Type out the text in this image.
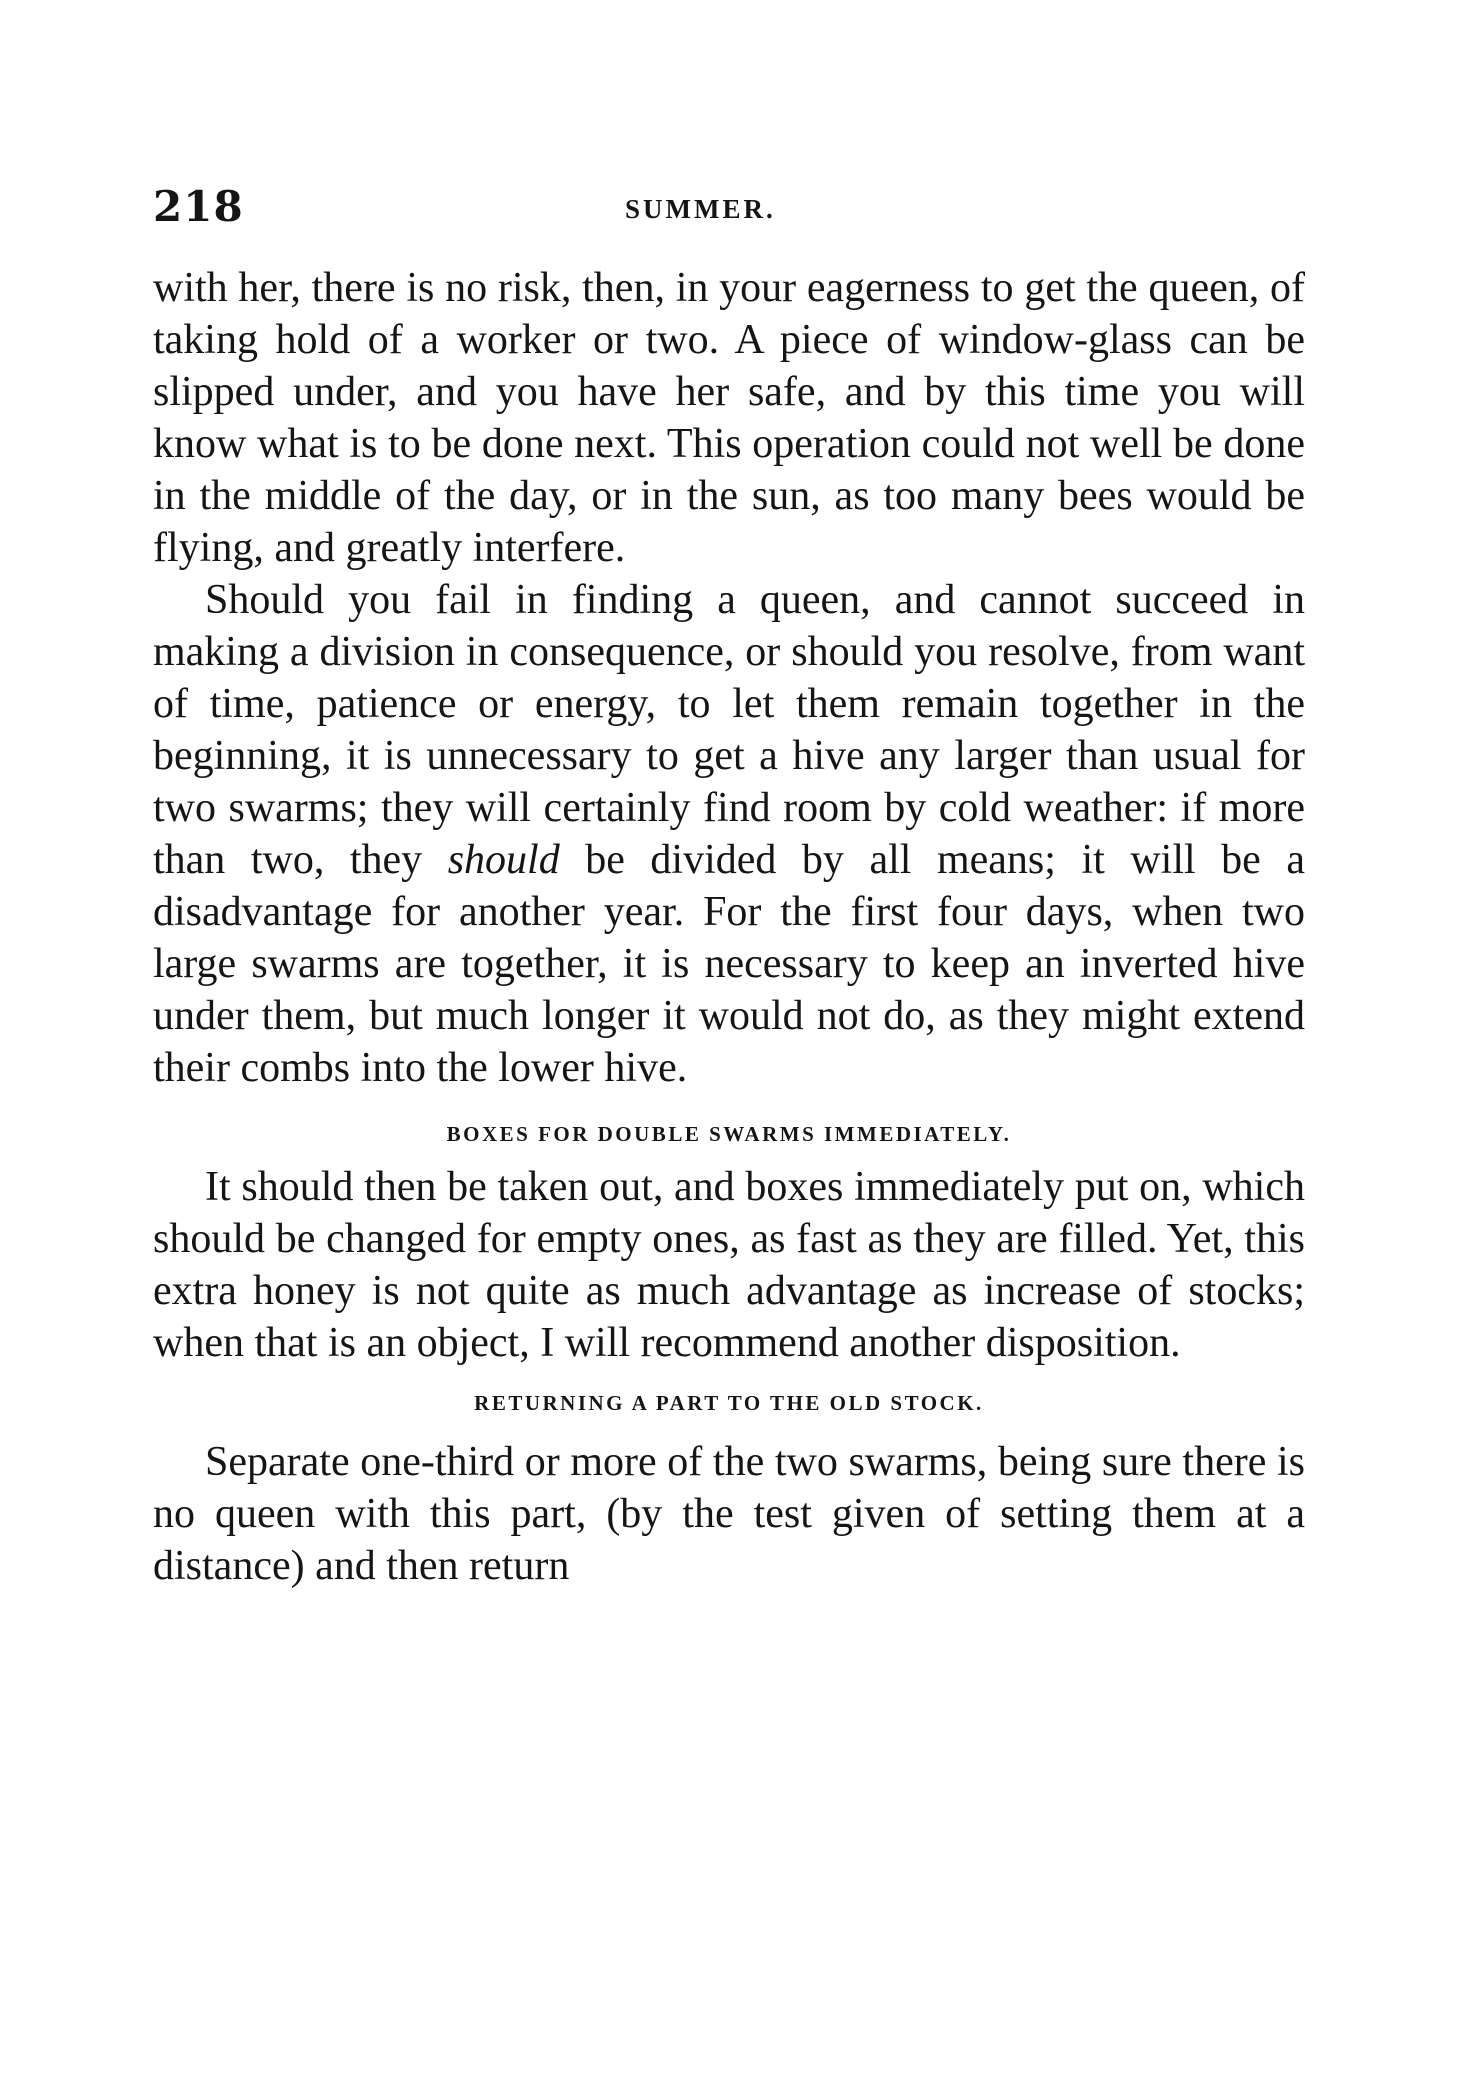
218	SUMMER.

with her, there is no risk, then, in your eagerness to get the queen, of taking hold of a worker or two. A piece of window-glass can be slipped under, and you have her safe, and by this time you will know what is to be done next. This operation could not well be done in the middle of the day, or in the sun, as too many bees would be flying, and greatly interfere.

Should you fail in finding a queen, and cannot succeed in making a division in consequence, or should you resolve, from want of time, patience or energy, to let them remain together in the beginning, it is unnecessary to get a hive any larger than usual for two swarms; they will certainly find room by cold weather: if more than two, they should be divided by all means; it will be a disadvantage for another year. For the first four days, when two large swarms are together, it is necessary to keep an inverted hive under them, but much longer it would not do, as they might extend their combs into the lower hive.

BOXES FOR DOUBLE SWARMS IMMEDIATELY.

It should then be taken out, and boxes immediately put on, which should be changed for empty ones, as fast as they are filled. Yet, this extra honey is not quite as much advantage as increase of stocks; when that is an object, I will recommend another disposition.

RETURNING A PART TO THE OLD STOCK.

Separate one-third or more of the two swarms, being sure there is no queen with this part, (by the test given of setting them at a distance) and then return
